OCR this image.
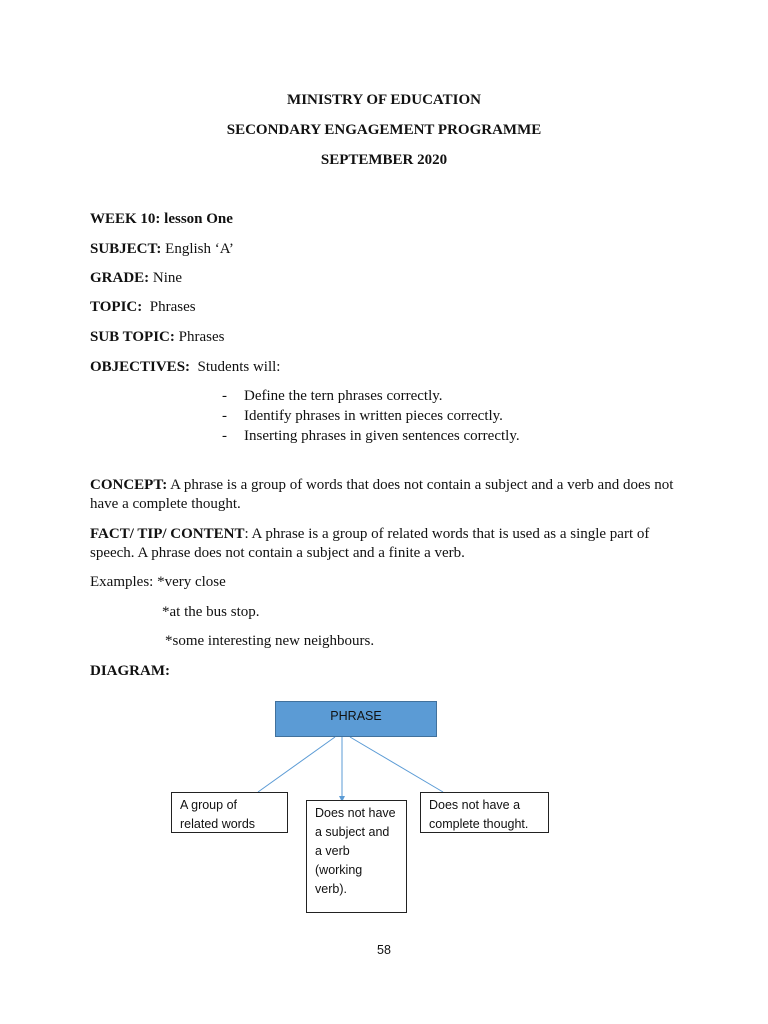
MINISTRY OF EDUCATION
SECONDARY ENGAGEMENT PROGRAMME
SEPTEMBER 2020
WEEK 10: lesson One
SUBJECT: English ‘A’
GRADE: Nine
TOPIC:  Phrases
SUB TOPIC: Phrases
OBJECTIVES:  Students will:
- Define the tern phrases correctly.
- Identify phrases in written pieces correctly.
- Inserting phrases in given sentences correctly.
CONCEPT: A phrase is a group of words that does not contain a subject and a verb and does not have a complete thought.
FACT/ TIP/ CONTENT: A phrase is a group of related words that is used as a single part of speech. A phrase does not contain a subject and a finite a verb.
Examples: *very close
*at the bus stop.
*some interesting new neighbours.
DIAGRAM:
PHRASE
A group of
related words
Does not have
a subject and
a verb
(working
verb).
Does not have a
complete thought.
58
